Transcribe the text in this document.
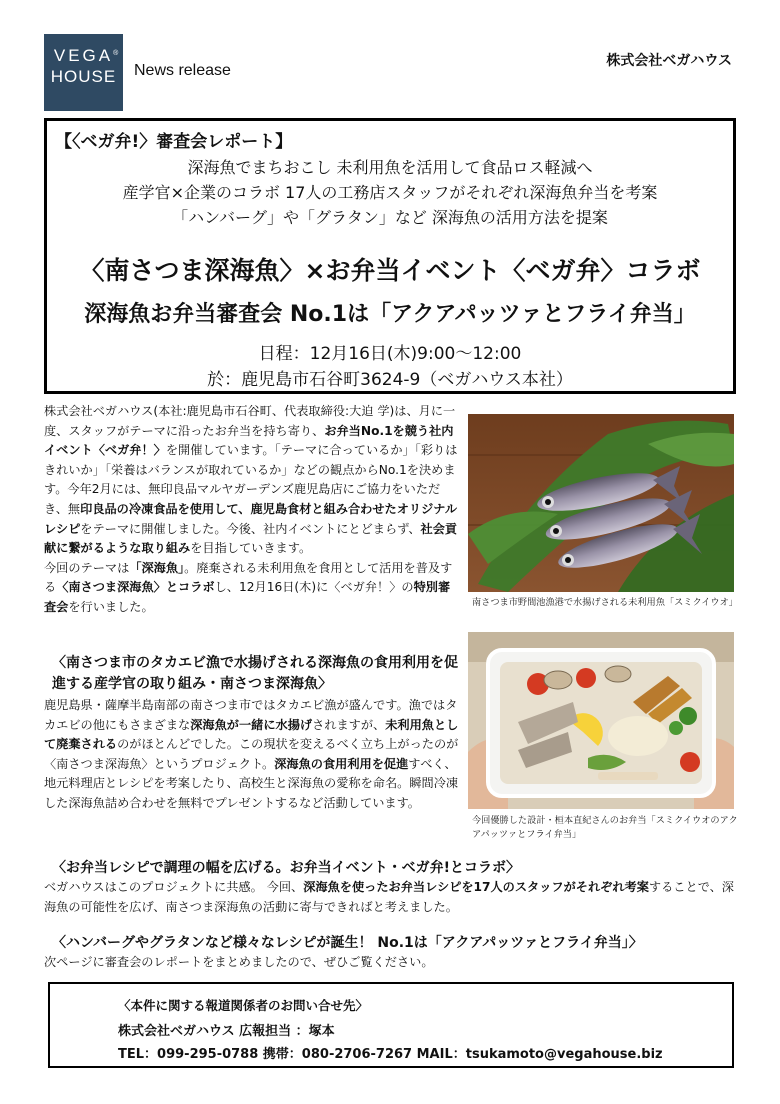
VEGA ®
HOUSE	News release
株式会社ベガハウス
【〈ベガ弁!〉審査会レポート】
深海魚でまちおこし 未利用魚を活用して食品ロス軽減へ
産学官×企業のコラボ 17人の工務店スタッフがそれぞれ深海魚弁当を考案
「ハンバーグ」や「グラタン」など 深海魚の活用方法を提案
〈南さつま深海魚〉×お弁当イベント〈ベガ弁〉コラボ
深海魚お弁当審査会 No.1は「アクアパッツァとフライ弁当」
日程：12月16日(木)9:00〜12:00
於：鹿児島市石谷町3624-9（ベガハウス本社）
株式会社ベガハウス(本社:鹿児島市石谷町、代表取締役:大迫 学)は、月に一度、スタッフがテーマに沿ったお弁当を持ち寄り、お弁当No.1を競う社内イベント〈ベガ弁！〉を開催しています。「テーマに合っているか」「彩りはきれいか」「栄養はバランスが取れているか」などの観点からNo.1を決めます。今年2月には、無印良品マルヤガーデンズ鹿児島店にご協力をいただき、無印良品の冷凍食品を使用して、鹿児島食材と組み合わせたオリジナルレシピをテーマに開催しました。今後、社内イベントにとどまらず、社会貢献に繋がるような取り組みを目指していきます。
今回のテーマは「深海魚」。廃棄される未利用魚を食用として活用を普及する〈南さつま深海魚〉とコラボし、12月16日(木)に〈ベガ弁！〉の特別審査会を行いました。	南さつま市野間池漁港で水揚げされる未利用魚「スミクイウオ」
今回優勝した設計・桓本直紀さんのお弁当「スミクイウオのアクアパッツァとフライ弁当」
〈南さつま市のタカエビ漁で水揚げされる深海魚の食用利用を促進する産学官の取り組み・南さつま深海魚〉
鹿児島県・薩摩半島南部の南さつま市ではタカエビ漁が盛んです。漁ではタカエビの他にもさまざまな深海魚が一緒に水揚げされますが、未利用魚として廃棄されるのがほとんどでした。この現状を変えるべく立ち上がったのが〈南さつま深海魚〉というプロジェクト。深海魚の食用利用を促進すべく、地元料理店とレシピを考案したり、高校生と深海魚の愛称を命名。瞬間冷凍した深海魚詰め合わせを無料でプレゼントするなど活動しています。
〈お弁当レシピで調理の幅を広げる。お弁当イベント・ベガ弁!とコラボ〉
ベガハウスはこのプロジェクトに共感。 今回、深海魚を使ったお弁当レシピを17人のスタッフがそれぞれ考案することで、深海魚の可能性を広げ、南さつま深海魚の活動に寄与できればと考えました。
〈ハンバーグやグラタンなど様々なレシピが誕生！ No.1は「アクアパッツァとフライ弁当」〉
次ページに審査会のレポートをまとめましたので、ぜひご覧ください。
〈本件に関する報道関係者のお問い合せ先〉
株式会社ベガハウス 広報担当 ：塚本
TEL：099-295-0788 携帯：080-2706-7267 MAIL：tsukamoto@vegahouse.biz
